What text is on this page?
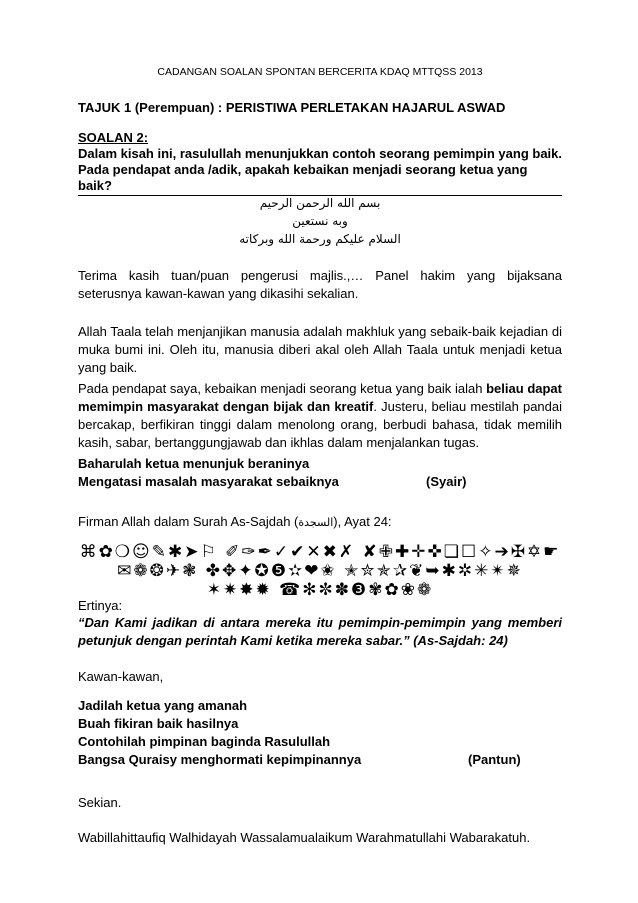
CADANGAN SOALAN SPONTAN BERCERITA KDAQ MTTQSS 2013
TAJUK 1 (Perempuan) : PERISTIWA PERLETAKAN HAJARUL ASWAD
SOALAN 2:
Dalam kisah ini, rasulullah menunjukkan contoh seorang pemimpin yang baik.
Pada pendapat anda /adik, apakah kebaikan menjadi seorang ketua yang baik?
بسم الله الرحمن الرحيم
وبه نستعين
السلام عليكم ورحمة الله وبركاته
Terima kasih tuan/puan pengerusi majlis.,… Panel hakim yang bijaksana seterusnya kawan-kawan yang dikasihi sekalian.
Allah Taala telah menjanjikan manusia adalah makhluk yang sebaik-baik kejadian di muka bumi ini. Oleh itu, manusia diberi akal oleh Allah Taala untuk menjadi ketua yang baik.
Pada pendapat saya, kebaikan menjadi seorang ketua yang baik ialah beliau dapat memimpin masyarakat dengan bijak dan kreatif. Justeru, beliau mestilah pandai bercakap, berfikiran tinggi dalam menolong orang, berbudi bahasa, tidak memilih kasih, sabar, bertanggungjawab dan ikhlas dalam menjalankan tugas.
Baharulah ketua menunjuk beraninya
Mengatasi masalah masyarakat sebaiknya	(Syair)
Firman Allah dalam Surah As-Sajdah (السجدة), Ayat 24:
⌘✿❍☺✎✱➤⚐ ✐✑✒✓✔✕✖✗ ✘✙✚✛✜❏☐✧➔✠✡☛
✉❁❂✈❃ ✤✥✦✪❺✫❤✬ ✭✮✯✰❦➥✱✲✳✴✵
✶✷✸✹ ☎✻✼✽❸✾✿❀❁
Ertinya:
“Dan Kami jadikan di antara mereka itu pemimpin-pemimpin yang memberi petunjuk dengan perintah Kami ketika mereka sabar.” (As-Sajdah: 24)
Kawan-kawan,
Jadilah ketua yang amanah
Buah fikiran baik hasilnya
Contohilah pimpinan baginda Rasulullah
Bangsa Quraisy menghormati kepimpinannya	(Pantun)
Sekian.
Wabillahittaufiq Walhidayah Wassalamualaikum Warahmatullahi Wabarakatuh.
